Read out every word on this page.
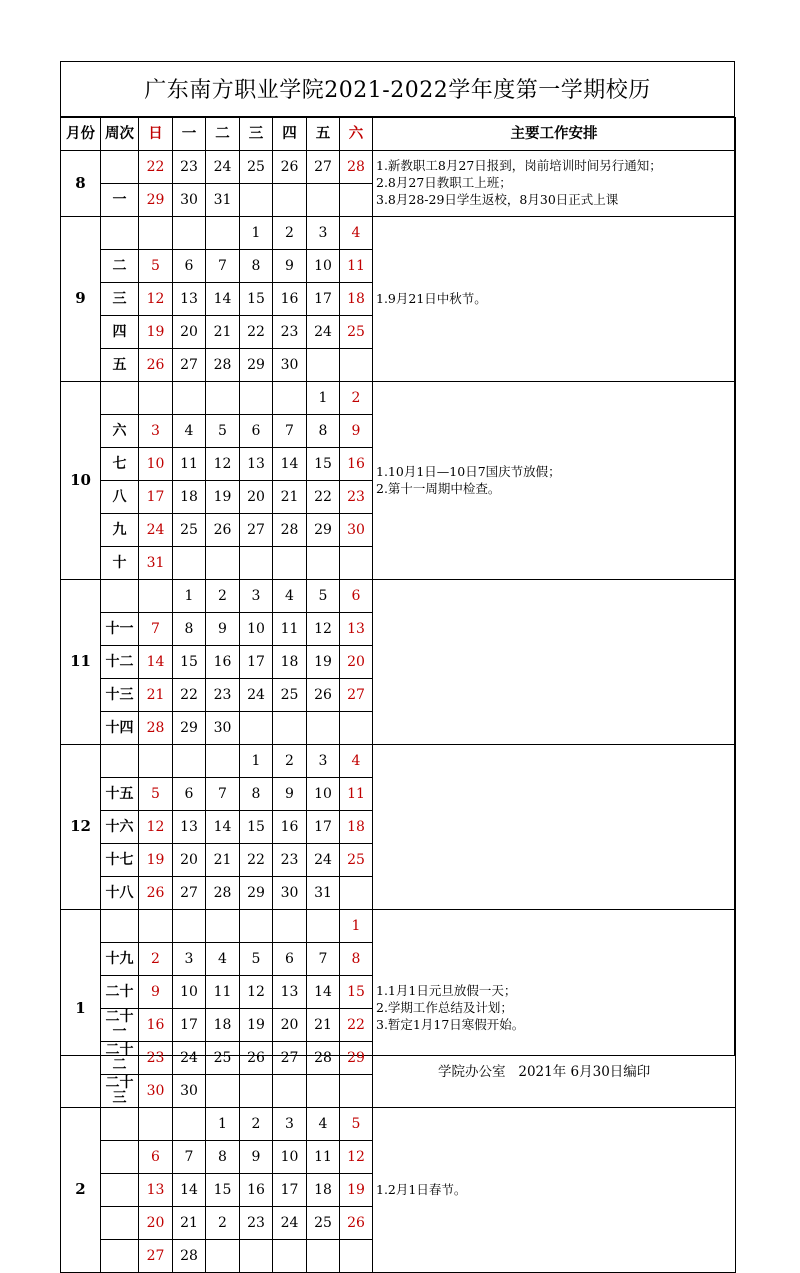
广东南方职业学院2021-2022学年度第一学期校历
月份	周次	日	一	二	三	四	五	六	主要工作安排
8		22	23	24	25	26	27	28	1.新教职工8月27日报到，岗前培训时间另行通知；
2.8月27日教职工上班；
3.8月28-29日学生返校，8月30日正式上课

	一	29	30	31					
9					1	2	3	4	1.9月21日中秋节。

	二	5	6	7	8	9	10	11	
	三	12	13	14	15	16	17	18	
	四	19	20	21	22	23	24	25	
	五	26	27	28	29	30			
10							1	2	1.10月1日—10日7国庆节放假；
2.第十一周期中检查。

	六	3	4	5	6	7	8	9	
	七	10	11	12	13	14	15	16	
	八	17	18	19	20	21	22	23	
	九	24	25	26	27	28	29	30	
	十	31							
11			1	2	3	4	5	6	
	十一	7	8	9	10	11	12	13	
	十二	14	15	16	17	18	19	20	
	十三	21	22	23	24	25	26	27	
	十四	28	29	30					
12					1	2	3	4	
	十五	5	6	7	8	9	10	11	
	十六	12	13	14	15	16	17	18	
	十七	19	20	21	22	23	24	25	
	十八	26	27	28	29	30	31		
1								1	1.1月1日元旦放假一天；
2.学期工作总结及计划；
3.暂定1月17日寒假开始。

	十九	2	3	4	5	6	7	8	
	二十	9	10	11	12	13	14	15	
	二十一	16	17	18	19	20	21	22	
	二十二	23	24	25	26	27	28	29	
	二十三	30	30						
2				1	2	3	4	5	1.2月1日春节。

		6	7	8	9	10	11	12	
		13	14	15	16	17	18	19	
		20	21	2	23	24	25	26	
		27	28						
学院办公室 2021年 6月30日编印
